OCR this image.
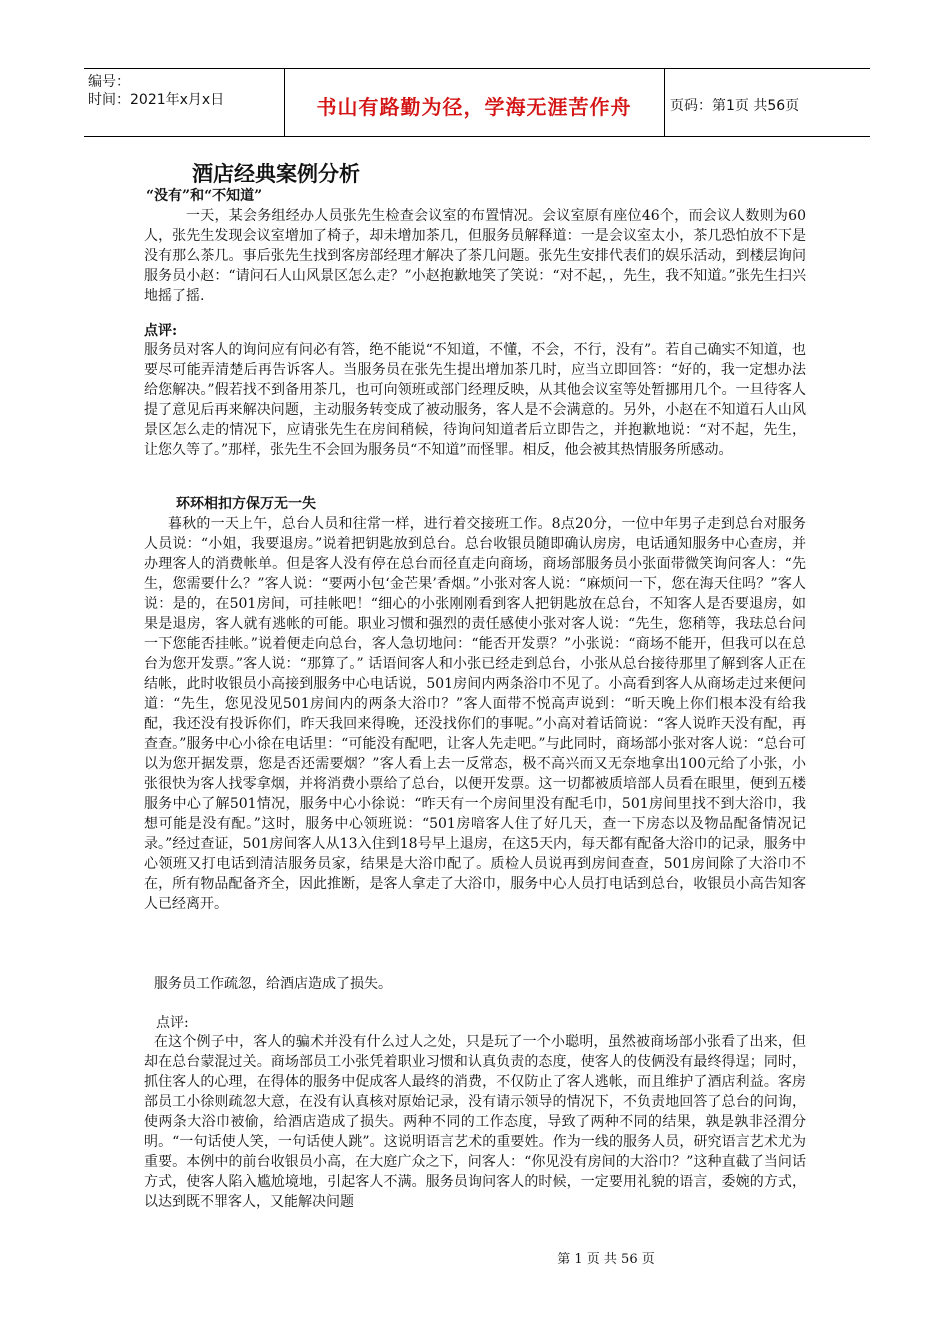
编号：
时间：2021年x月x日	书山有路勤为径，学海无涯苦作舟	页码：第1页 共56页
酒店经典案例分析
“没有”和“不知道”

一天，某会务组经办人员张先生检查会议室的布置情况。会议室原有座位46个，而会议人数则为60人，张先生发现会议室增加了椅子，却未增加茶几，但服务员解释道：一是会议室太小，茶几恐怕放不下是没有那么茶几。事后张先生找到客房部经理才解决了茶几问题。张先生安排代表们的娱乐活动，到楼层询问服务员小赵：“请问石人山风景区怎么走？”小赵抱歉地笑了笑说：“对不起，，先生，我不知道。”张先生扫兴地摇了摇.

点评:

服务员对客人的询问应有问必有答，绝不能说“不知道，不懂，不会，不行，没有”。若自己确实不知道，也要尽可能弄清楚后再告诉客人。当服务员在张先生提出增加茶几时，应当立即回答：“好的，我一定想办法给您解决。”假若找不到备用茶几，也可向领班或部门经理反映，从其他会议室等处暂挪用几个。一旦待客人提了意见后再来解决问题，主动服务转变成了被动服务，客人是不会满意的。另外，小赵在不知道石人山风景区怎么走的情况下，应请张先生在房间稍候，待询问知道者后立即告之，并抱歉地说：“对不起，先生，让您久等了。”那样，张先生不会回为服务员“不知道”而怪罪。相反，他会被其热情服务所感动。

环环相扣方保万无一失

暮秋的一天上午，总台人员和往常一样，进行着交接班工作。8点20分，一位中年男子走到总台对服务人员说：“小姐，我要退房。”说着把钥匙放到总台。总台收银员随即确认房房，电话通知服务中心查房，并办理客人的消费帐单。但是客人没有停在总台而径直走向商场，商场部服务员小张面带微笑询问客人：“先生，您需要什么？”客人说：“要两小包‘金芒果’香烟。”小张对客人说：“麻烦问一下，您在海天住吗？”客人说：是的，在501房间，可挂帐吧！“细心的小张刚刚看到客人把钥匙放在总台，不知客人是否要退房，如果是退房，客人就有逃帐的可能。职业习惯和强烈的责任感使小张对客人说：“先生，您稍等，我珐总台问一下您能否挂帐。”说着便走向总台，客人急切地问：“能否开发票？”小张说：“商场不能开，但我可以在总台为您开发票。”客人说：“那算了。” 话语间客人和小张已经走到总台，小张从总台接待那里了解到客人正在结帐，此时收银员小高接到服务中心电话说，501房间内两条浴巾不见了。小高看到客人从商场走过来便问道：“先生，您见没见501房间内的两条大浴巾？”客人面带不悦高声说到：“昕天晚上你们根本没有给我配，我还没有投诉你们，昨天我回来得晚，还没找你们的事呢。”小高对着话筒说：“客人说昨天没有配，再查查。”服务中心小徐在电话里：“可能没有配吧，让客人先走吧。”与此同时，商场部小张对客人说：“总台可以为您开据发票，您是否还需要烟？”客人看上去一反常态，极不高兴而又无奈地拿出100元给了小张，小张很快为客人找零拿烟，并将消费小票给了总台，以便开发票。这一切都被质培部人员看在眼里，便到五楼服务中心了解501情况，服务中心小徐说：“昨天有一个房间里没有配毛巾，501房间里找不到大浴巾，我想可能是没有配。”这时，服务中心领班说：“501房喑客人住了好几天，查一下房态以及物品配备情况记录。”经过查证，501房间客人从13入住到18号早上退房，在这5天内，每天都有配备大浴巾的记录，服务中心领班又打电话到清洁服务员家，结果是大浴巾配了。质检人员说再到房间查查，501房间除了大浴巾不在，所有物品配备齐全，因此推断，是客人拿走了大浴巾，服务中心人员打电话到总台，收银员小高告知客人已经离开。

服务员工作疏忽，给酒店造成了损失。

点评:

在这个例子中，客人的骗术并没有什么过人之处，只是玩了一个小聪明，虽然被商场部小张看了出来，但却在总台蒙混过关。商场部员工小张凭着职业习惯和认真负责的态度，使客人的伎俩没有最终得逞；同时，抓住客人的心理，在得体的服务中促成客人最终的消费，不仅防止了客人逃帐，而且维护了酒店利益。客房部员工小徐则疏忽大意，在没有认真核对原始记录，没有请示领导的情况下，不负责地回答了总台的问询，使两条大浴巾被偷，给酒店造成了损失。两种不同的工作态度，导致了两种不同的结果，孰是孰非泾渭分明。“一句话使人笑，一句话使人跳”。这说明语言艺术的重要姓。作为一线的服务人员，研究语言艺术尤为重要。本例中的前台收银员小高，在大庭广众之下，问客人：“你见没有房间的大浴巾？”这种直截了当问话方式，使客人陷入尴尬境地，引起客人不满。服务员询问客人的时候，一定要用礼貌的语言，委婉的方式，以达到既不罪客人，又能解决问题

第 1 页 共 56 页
